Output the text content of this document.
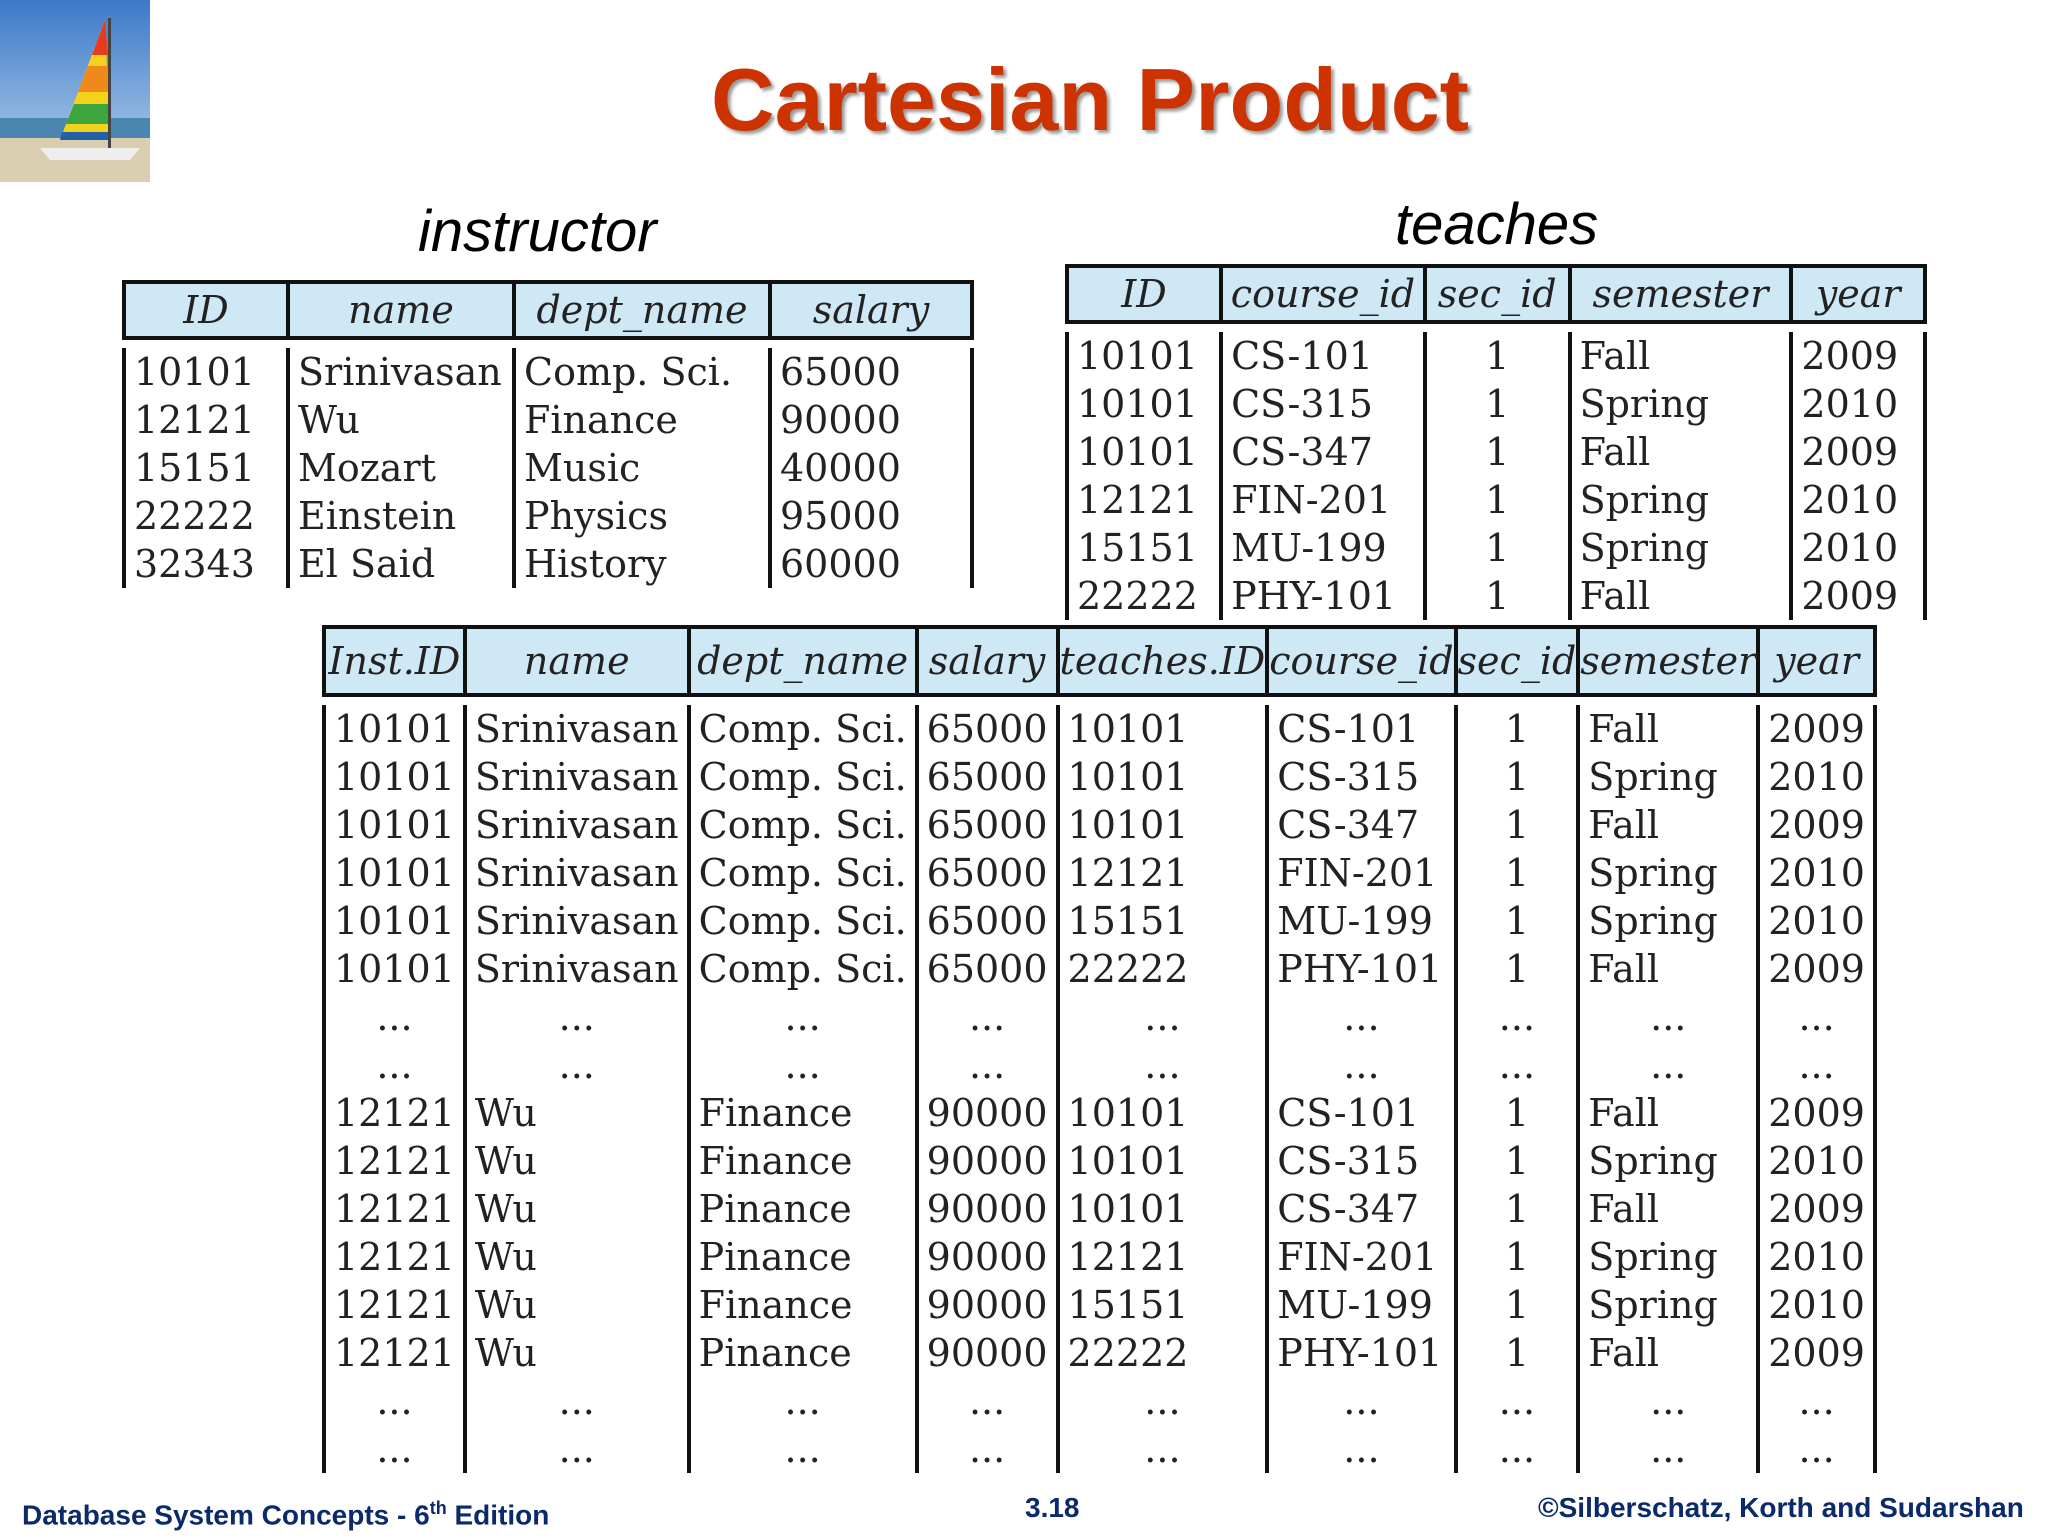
Cartesian Product
instructor	teaches
ID	name	dept_name	salary

10101	Srinivasan	Comp. Sci.	65000
12121	Wu	Finance	90000
15151	Mozart	Music	40000
22222	Einstein	Physics	95000
32343	El Said	History	60000
ID	course_id	sec_id	semester	year

10101	CS-101	1	Fall	2009
10101	CS-315	1	Spring	2010
10101	CS-347	1	Fall	2009
12121	FIN-201	1	Spring	2010
15151	MU-199	1	Spring	2010
22222	PHY-101	1	Fall	2009
Inst.ID	name	dept_name	salary	teaches.ID	course_id	sec_id	semester	year

10101	Srinivasan	Comp. Sci.	65000	10101	CS-101	1	Fall	2009
10101	Srinivasan	Comp. Sci.	65000	10101	CS-315	1	Spring	2010
10101	Srinivasan	Comp. Sci.	65000	10101	CS-347	1	Fall	2009
10101	Srinivasan	Comp. Sci.	65000	12121	FIN-201	1	Spring	2010
10101	Srinivasan	Comp. Sci.	65000	15151	MU-199	1	Spring	2010
10101	Srinivasan	Comp. Sci.	65000	22222	PHY-101	1	Fall	2009
...	...	...	...	...	...	...	...	...
...	...	...	...	...	...	...	...	...
12121	Wu	Finance	90000	10101	CS-101	1	Fall	2009
12121	Wu	Finance	90000	10101	CS-315	1	Spring	2010
12121	Wu	Pinance	90000	10101	CS-347	1	Fall	2009
12121	Wu	Pinance	90000	12121	FIN-201	1	Spring	2010
12121	Wu	Finance	90000	15151	MU-199	1	Spring	2010
12121	Wu	Pinance	90000	22222	PHY-101	1	Fall	2009
...	...	...	...	...	...	...	...	...
...	...	...	...	...	...	...	...	...
Database System Concepts - 6th Edition	3.18	©Silberschatz, Korth and Sudarshan
